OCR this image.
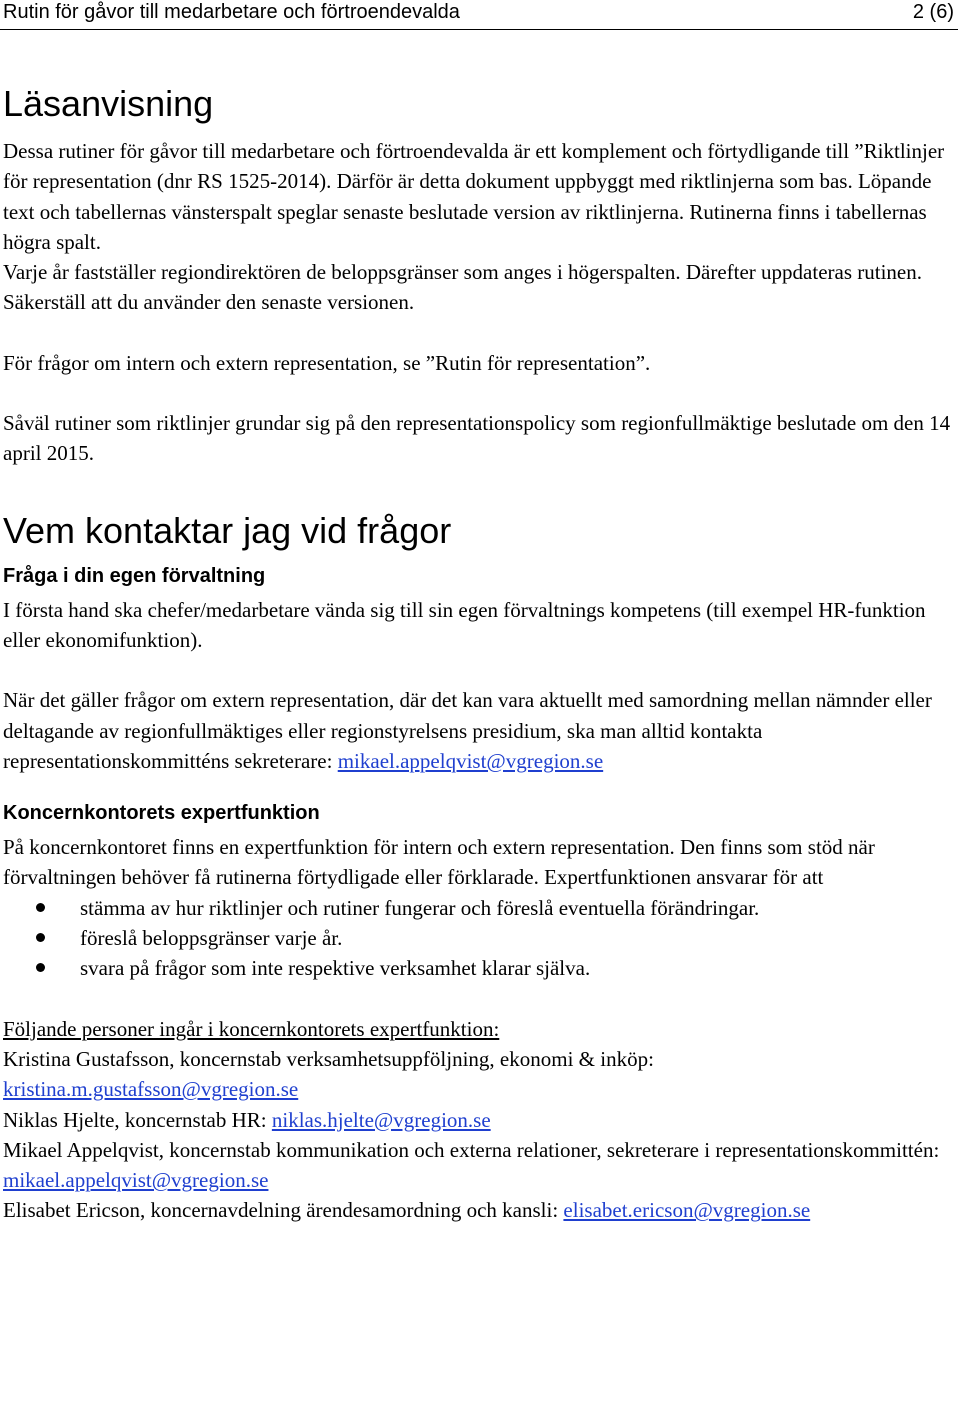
Rutin för gåvor till medarbetare och förtroendevalda	2 (6)
Läsanvisning

Dessa rutiner för gåvor till medarbetare och förtroendevalda är ett komplement och förtydligande till ”Riktlinjer för representation (dnr RS 1525-2014). Därför är detta dokument uppbyggt med riktlinjerna som bas. Löpande text och tabellernas vänsterspalt speglar senaste beslutade version av riktlinjerna. Rutinerna finns i tabellernas högra spalt.

Varje år fastställer regiondirektören de beloppsgränser som anges i högerspalten. Därefter uppdateras rutinen. Säkerställ att du använder den senaste versionen.

För frågor om intern och extern representation, se ”Rutin för representation”.

Såväl rutiner som riktlinjer grundar sig på den representationspolicy som regionfullmäktige beslutade om den 14 april 2015.

Vem kontaktar jag vid frågor
Fråga i din egen förvaltning

I första hand ska chefer/medarbetare vända sig till sin egen förvaltnings kompetens (till exempel HR-funktion eller ekonomifunktion).

När det gäller frågor om extern representation, där det kan vara aktuellt med samordning mellan nämnder eller deltagande av regionfullmäktiges eller regionstyrelsens presidium, ska man alltid kontakta representationskommitténs sekreterare: mikael.appelqvist@vgregion.se

Koncernkontorets expertfunktion

På koncernkontoret finns en expertfunktion för intern och extern representation. Den finns som stöd när förvaltningen behöver få rutinerna förtydligade eller förklarade. Expertfunktionen ansvarar för att

stämma av hur riktlinjer och rutiner fungerar och föreslå eventuella förändringar.
föreslå beloppsgränser varje år.
svara på frågor som inte respektive verksamhet klarar själva.

Följande personer ingår i koncernkontorets expertfunktion:
Kristina Gustafsson, koncernstab verksamhetsuppföljning, ekonomi & inköp: kristina.m.gustafsson@vgregion.se
Niklas Hjelte, koncernstab HR: niklas.hjelte@vgregion.se
Mikael Appelqvist, koncernstab kommunikation och externa relationer, sekreterare i representationskommittén: mikael.appelqvist@vgregion.se
Elisabet Ericson, koncernavdelning ärendesamordning och kansli: elisabet.ericson@vgregion.se
